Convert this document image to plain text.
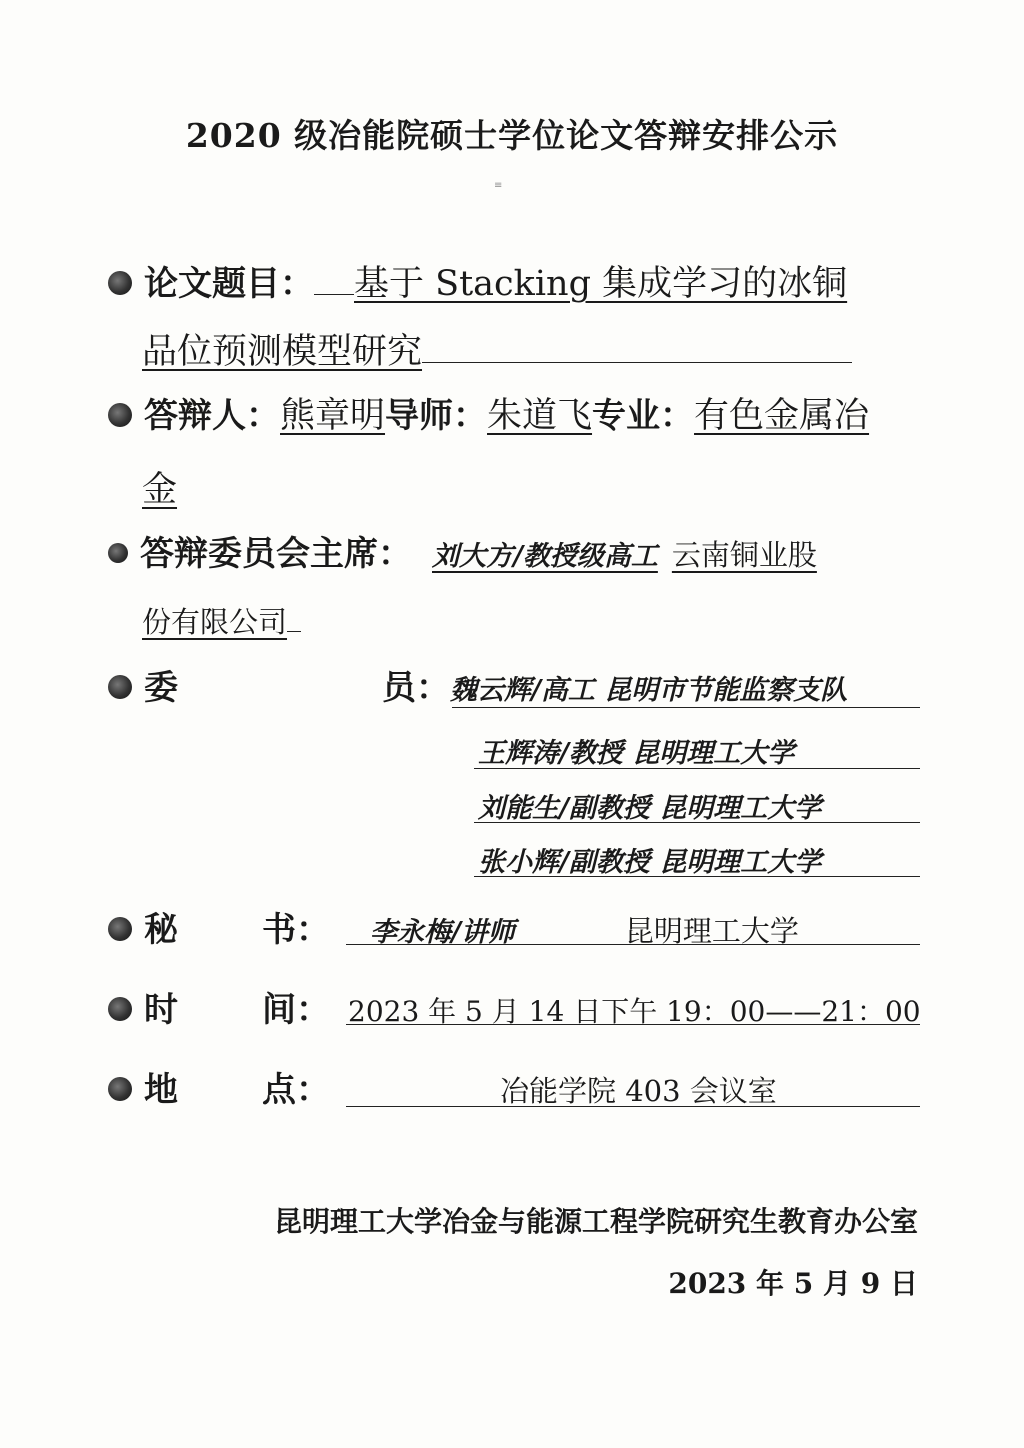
2020 级冶能院硕士学位论文答辩安排公示
≡
论文题目： 基于 Stacking 集成学习的冰铜
品位预测模型研究
答辩人：熊章明导师：朱道飞专业：有色金属冶
金
答辩委员会主席： 刘大方/教授级高工 云南铜业股
份有限公司
委	员：魏云辉/高工 昆明市节能监察支队
王辉涛/教授 昆明理工大学
刘能生/副教授 昆明理工大学
张小辉/副教授 昆明理工大学
秘 书： 李永梅/讲师	昆明理工大学
时 间： 2023 年 5 月 14 日下午 19：00——21：00
地 点：	冶能学院 403 会议室
昆明理工大学冶金与能源工程学院研究生教育办公室
2023 年 5 月 9 日
